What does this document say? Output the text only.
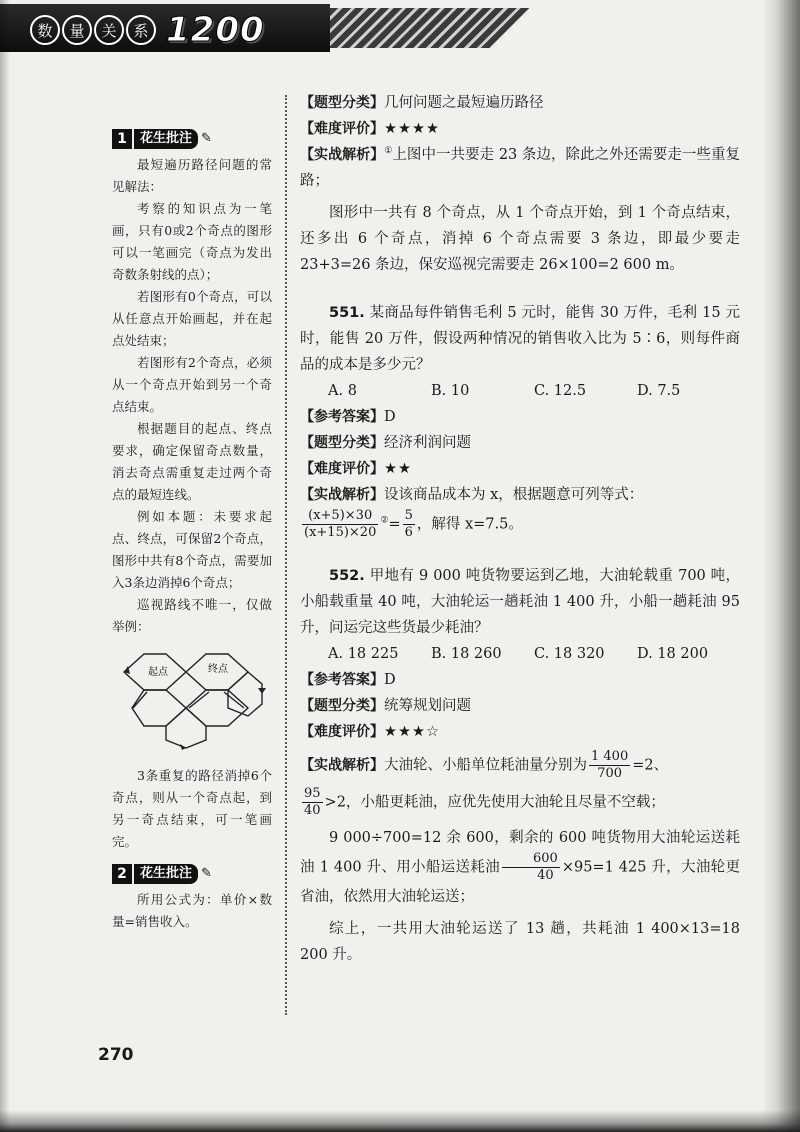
数	量	关	系 1200
1	花生批注 ✎

最短遍历路径问题的常见解法：

考察的知识点为一笔画，只有0或2个奇点的图形可以一笔画完（奇点为发出奇数条射线的点）；

若图形有0个奇点，可以从任意点开始画起，并在起点处结束；

若图形有2个奇点，必须从一个奇点开始到另一个奇点结束。

根据题目的起点、终点要求，确定保留奇点数量，消去奇点需重复走过两个奇点的最短连线。

例如本题：未要求起点、终点，可保留2个奇点，图形中共有8个奇点，需要加入3条边消掉6个奇点；

巡视路线不唯一，仅做举例：

起点	终点

3条重复的路径消掉6个奇点，则从一个奇点起，到另一奇点结束，可一笔画完。

2	花生批注 ✎

所用公式为：单价×数量=销售收入。

【题型分类】几何问题之最短遍历路径

【难度评价】★★★★

【实战解析】①上图中一共要走 23 条边，除此之外还需要走一些重复路；

图形中一共有 8 个奇点，从 1 个奇点开始，到 1 个奇点结束，还多出 6 个奇点，消掉 6 个奇点需要 3 条边，即最少要走 23+3=26 条边，保安巡视完需要走 26×100=2 600 m。

551. 某商品每件销售毛利 5 元时，能售 30 万件，毛利 15 元时，能售 20 万件，假设两种情况的销售收入比为 5∶6，则每件商品的成本是多少元？

A. 8	B. 10	C. 12.5	D. 7.5

【参考答案】D

【题型分类】经济利润问题

【难度评价】★★

【实战解析】设该商品成本为 x，根据题意可列等式：

$\frac{(x+5)\times 30}{(x+15)\times 20} ^②= \frac{5}{6}$ ，解得 x=7.5。

552. 甲地有 9 000 吨货物要运到乙地，大油轮载重 700 吨，小船载重量 40 吨，大油轮运一趟耗油 1 400 升，小船一趟耗油 95 升，问运完这些货最少耗油？

A. 18 225	B. 18 260	C. 18 320	D. 18 200

【参考答案】D

【题型分类】统筹规划问题

【难度评价】★★★☆

【实战解析】大油轮、小船单位耗油量分别为 $\frac{1 400}{700} =2$、

$\frac{95}{40} >2$，小船更耗油，应优先使用大油轮且尽量不空载；

9 000÷700=12 余 600，剩余的 600 吨货物用大油轮运送耗油 1 400 升、用小船运送耗油 $\frac{600}{40} \times 95=1$ 425 升，大油轮更省油，依然用大油轮运送；

综上，一共用大油轮运送了 13 趟，共耗油 1 400×13=18 200 升。

270
